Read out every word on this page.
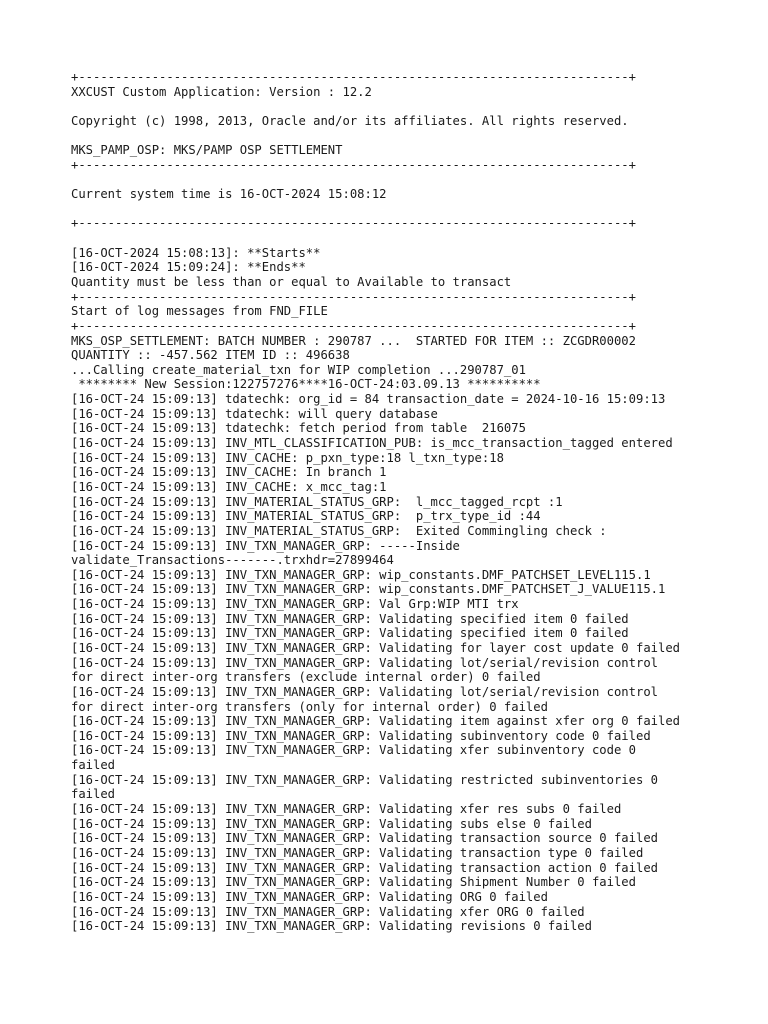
+---------------------------------------------------------------------------+
XXCUST Custom Application: Version : 12.2
Copyright (c) 1998, 2013, Oracle and/or its affiliates. All rights reserved.
MKS_PAMP_OSP: MKS/PAMP OSP SETTLEMENT
+---------------------------------------------------------------------------+
Current system time is 16-OCT-2024 15:08:12
+---------------------------------------------------------------------------+
[16-OCT-2024 15:08:13]: **Starts**
[16-OCT-2024 15:09:24]: **Ends**
Quantity must be less than or equal to Available to transact
+---------------------------------------------------------------------------+
Start of log messages from FND_FILE
+---------------------------------------------------------------------------+
MKS_OSP_SETTLEMENT: BATCH NUMBER : 290787 ...  STARTED FOR ITEM :: ZCGDR00002
QUANTITY :: -457.562 ITEM ID :: 496638
...Calling create_material_txn for WIP completion ...290787_01
******** New Session:122757276****16-OCT-24:03.09.13 **********
[16-OCT-24 15:09:13] tdatechk: org_id = 84 transaction_date = 2024-10-16 15:09:13
[16-OCT-24 15:09:13] tdatechk: will query database
[16-OCT-24 15:09:13] tdatechk: fetch period from table  216075
[16-OCT-24 15:09:13] INV_MTL_CLASSIFICATION_PUB: is_mcc_transaction_tagged entered
[16-OCT-24 15:09:13] INV_CACHE: p_pxn_type:18 l_txn_type:18
[16-OCT-24 15:09:13] INV_CACHE: In branch 1
[16-OCT-24 15:09:13] INV_CACHE: x_mcc_tag:1
[16-OCT-24 15:09:13] INV_MATERIAL_STATUS_GRP:  l_mcc_tagged_rcpt :1
[16-OCT-24 15:09:13] INV_MATERIAL_STATUS_GRP:  p_trx_type_id :44
[16-OCT-24 15:09:13] INV_MATERIAL_STATUS_GRP:  Exited Commingling check :
[16-OCT-24 15:09:13] INV_TXN_MANAGER_GRP: -----Inside
validate_Transactions-------.trxhdr=27899464
[16-OCT-24 15:09:13] INV_TXN_MANAGER_GRP: wip_constants.DMF_PATCHSET_LEVEL115.1
[16-OCT-24 15:09:13] INV_TXN_MANAGER_GRP: wip_constants.DMF_PATCHSET_J_VALUE115.1
[16-OCT-24 15:09:13] INV_TXN_MANAGER_GRP: Val Grp:WIP MTI trx
[16-OCT-24 15:09:13] INV_TXN_MANAGER_GRP: Validating specified item 0 failed
[16-OCT-24 15:09:13] INV_TXN_MANAGER_GRP: Validating specified item 0 failed
[16-OCT-24 15:09:13] INV_TXN_MANAGER_GRP: Validating for layer cost update 0 failed
[16-OCT-24 15:09:13] INV_TXN_MANAGER_GRP: Validating lot/serial/revision control
for direct inter-org transfers (exclude internal order) 0 failed
[16-OCT-24 15:09:13] INV_TXN_MANAGER_GRP: Validating lot/serial/revision control
for direct inter-org transfers (only for internal order) 0 failed
[16-OCT-24 15:09:13] INV_TXN_MANAGER_GRP: Validating item against xfer org 0 failed
[16-OCT-24 15:09:13] INV_TXN_MANAGER_GRP: Validating subinventory code 0 failed
[16-OCT-24 15:09:13] INV_TXN_MANAGER_GRP: Validating xfer subinventory code 0
failed
[16-OCT-24 15:09:13] INV_TXN_MANAGER_GRP: Validating restricted subinventories 0
failed
[16-OCT-24 15:09:13] INV_TXN_MANAGER_GRP: Validating xfer res subs 0 failed
[16-OCT-24 15:09:13] INV_TXN_MANAGER_GRP: Validating subs else 0 failed
[16-OCT-24 15:09:13] INV_TXN_MANAGER_GRP: Validating transaction source 0 failed
[16-OCT-24 15:09:13] INV_TXN_MANAGER_GRP: Validating transaction type 0 failed
[16-OCT-24 15:09:13] INV_TXN_MANAGER_GRP: Validating transaction action 0 failed
[16-OCT-24 15:09:13] INV_TXN_MANAGER_GRP: Validating Shipment Number 0 failed
[16-OCT-24 15:09:13] INV_TXN_MANAGER_GRP: Validating ORG 0 failed
[16-OCT-24 15:09:13] INV_TXN_MANAGER_GRP: Validating xfer ORG 0 failed
[16-OCT-24 15:09:13] INV_TXN_MANAGER_GRP: Validating revisions 0 failed
